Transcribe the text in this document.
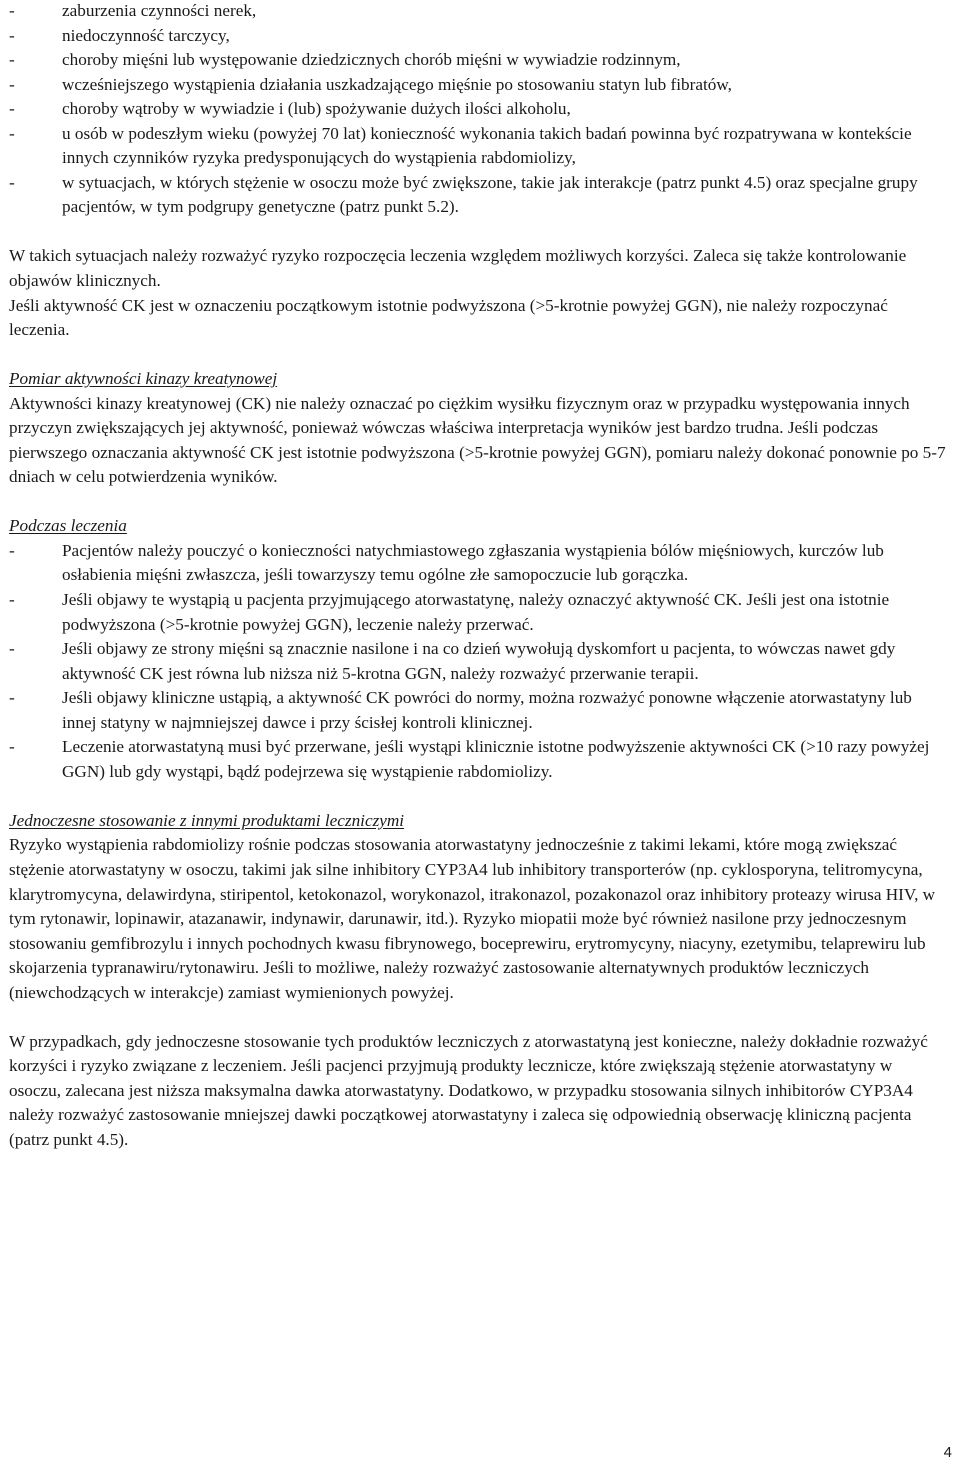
-	zaburzenia czynności nerek,
-	niedoczynność tarczycy,
-	choroby mięśni lub występowanie dziedzicznych chorób mięśni w wywiadzie rodzinnym,
-	wcześniejszego wystąpienia działania uszkadzającego mięśnie po stosowaniu statyn lub fibratów,
-	choroby wątroby w wywiadzie i (lub) spożywanie dużych ilości alkoholu,
-	u osób w podeszłym wieku (powyżej 70 lat) konieczność wykonania takich badań powinna być rozpatrywana w kontekście innych czynników ryzyka predysponujących do wystąpienia rabdomiolizy,
-	w sytuacjach, w których stężenie w osoczu może być zwiększone, takie jak interakcje (patrz punkt 4.5) oraz specjalne grupy pacjentów, w tym podgrupy genetyczne (patrz punkt 5.2).

W takich sytuacjach należy rozważyć ryzyko rozpoczęcia leczenia względem możliwych korzyści. Zaleca się także kontrolowanie objawów klinicznych.

Jeśli aktywność CK jest w oznaczeniu początkowym istotnie podwyższona (>5-krotnie powyżej GGN), nie należy rozpoczynać leczenia.

Pomiar aktywności kinazy kreatynowej

Aktywności kinazy kreatynowej (CK) nie należy oznaczać po ciężkim wysiłku fizycznym oraz w przypadku występowania innych przyczyn zwiększających jej aktywność, ponieważ wówczas właściwa interpretacja wyników jest bardzo trudna. Jeśli podczas pierwszego oznaczania aktywność CK jest istotnie podwyższona (>5-krotnie powyżej GGN), pomiaru należy dokonać ponownie po 5-7 dniach w celu potwierdzenia wyników.

Podczas leczenia

-	Pacjentów należy pouczyć o konieczności natychmiastowego zgłaszania wystąpienia bólów mięśniowych, kurczów lub osłabienia mięśni zwłaszcza, jeśli towarzyszy temu ogólne złe samopoczucie lub gorączka.
-	Jeśli objawy te wystąpią u pacjenta przyjmującego atorwastatynę, należy oznaczyć aktywność CK. Jeśli jest ona istotnie podwyższona (>5-krotnie powyżej GGN), leczenie należy przerwać.
-	Jeśli objawy ze strony mięśni są znacznie nasilone i na co dzień wywołują dyskomfort u pacjenta, to wówczas nawet gdy aktywność CK jest równa lub niższa niż 5-krotna GGN, należy rozważyć przerwanie terapii.
-	Jeśli objawy kliniczne ustąpią, a aktywność CK powróci do normy, można rozważyć ponowne włączenie atorwastatyny lub innej statyny w najmniejszej dawce i przy ścisłej kontroli klinicznej.
-	Leczenie atorwastatyną musi być przerwane, jeśli wystąpi klinicznie istotne podwyższenie aktywności CK (>10 razy powyżej GGN) lub gdy wystąpi, bądź podejrzewa się wystąpienie rabdomiolizy.

Jednoczesne stosowanie z innymi produktami leczniczymi

Ryzyko wystąpienia rabdomiolizy rośnie podczas stosowania atorwastatyny jednocześnie z takimi lekami, które mogą zwiększać stężenie atorwastatyny w osoczu, takimi jak silne inhibitory CYP3A4 lub inhibitory transporterów (np. cyklosporyna, telitromycyna, klarytromycyna, delawirdyna, stiripentol, ketokonazol, worykonazol, itrakonazol, pozakonazol oraz inhibitory proteazy wirusa HIV, w tym rytonawir, lopinawir, atazanawir, indynawir, darunawir, itd.). Ryzyko miopatii może być również nasilone przy jednoczesnym stosowaniu gemfibrozylu i innych pochodnych kwasu fibrynowego, boceprewiru, erytromycyny, niacyny, ezetymibu, telaprewiru lub skojarzenia typranawiru/rytonawiru. Jeśli to możliwe, należy rozważyć zastosowanie alternatywnych produktów leczniczych (niewchodzących w interakcje) zamiast wymienionych powyżej.

W przypadkach, gdy jednoczesne stosowanie tych produktów leczniczych z atorwastatyną jest konieczne, należy dokładnie rozważyć korzyści i ryzyko związane z leczeniem. Jeśli pacjenci przyjmują produkty lecznicze, które zwiększają stężenie atorwastatyny w osoczu, zalecana jest niższa maksymalna dawka atorwastatyny. Dodatkowo, w przypadku stosowania silnych inhibitorów CYP3A4 należy rozważyć zastosowanie mniejszej dawki początkowej atorwastatyny i zaleca się odpowiednią obserwację kliniczną pacjenta (patrz punkt 4.5).

4
